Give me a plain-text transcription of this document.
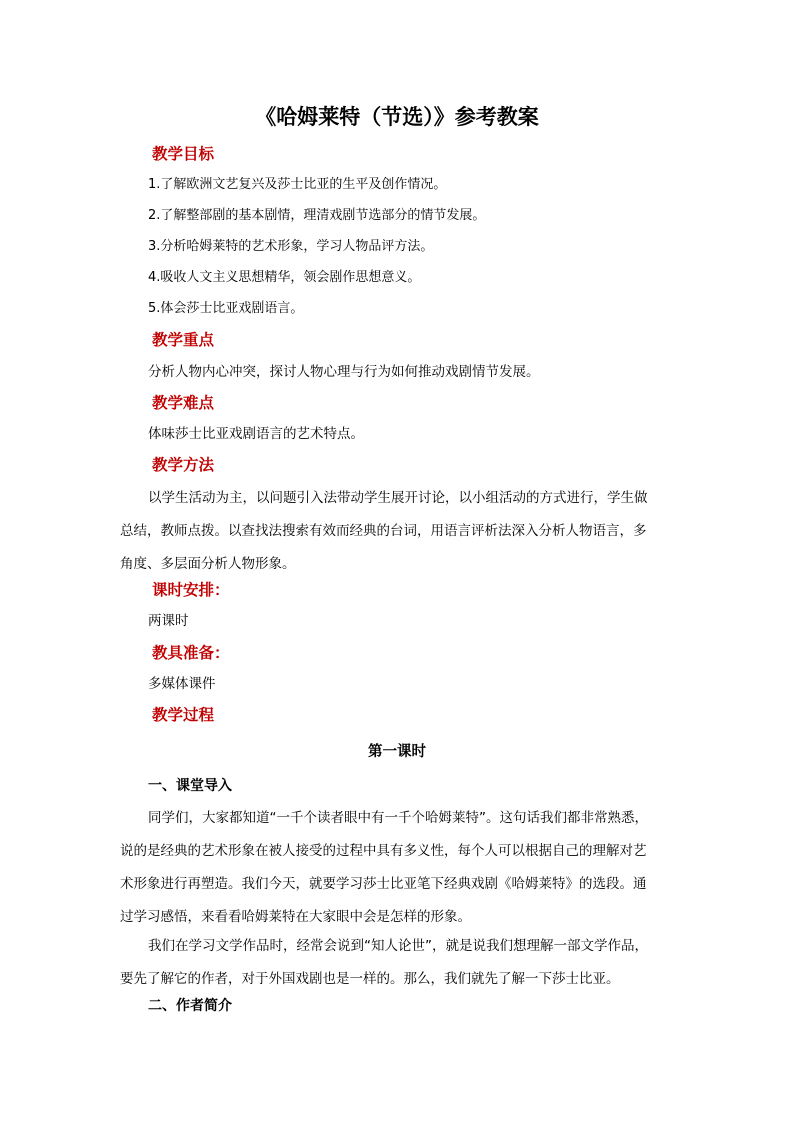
《哈姆莱特（节选）》参考教案
教学目标
1.了解欧洲文艺复兴及莎士比亚的生平及创作情况。
2.了解整部剧的基本剧情，理清戏剧节选部分的情节发展。
3.分析哈姆莱特的艺术形象，学习人物品评方法。
4.吸收人文主义思想精华，领会剧作思想意义。
5.体会莎士比亚戏剧语言。
教学重点
分析人物内心冲突，探讨人物心理与行为如何推动戏剧情节发展。
教学难点
体味莎士比亚戏剧语言的艺术特点。
教学方法
以学生活动为主，以问题引入法带动学生展开讨论，以小组活动的方式进行，学生做
总结，教师点拨。以查找法搜索有效而经典的台词，用语言评析法深入分析人物语言，多
角度、多层面分析人物形象。
课时安排：
两课时
教具准备：
多媒体课件
教学过程
第一课时
一、课堂导入
同学们，大家都知道“一千个读者眼中有一千个哈姆莱特”。这句话我们都非常熟悉，
说的是经典的艺术形象在被人接受的过程中具有多义性，每个人可以根据自己的理解对艺
术形象进行再塑造。我们今天，就要学习莎士比亚笔下经典戏剧《哈姆莱特》的选段。通
过学习感悟，来看看哈姆莱特在大家眼中会是怎样的形象。
我们在学习文学作品时，经常会说到“知人论世”，就是说我们想理解一部文学作品，
要先了解它的作者，对于外国戏剧也是一样的。那么，我们就先了解一下莎士比亚。
二、作者简介
